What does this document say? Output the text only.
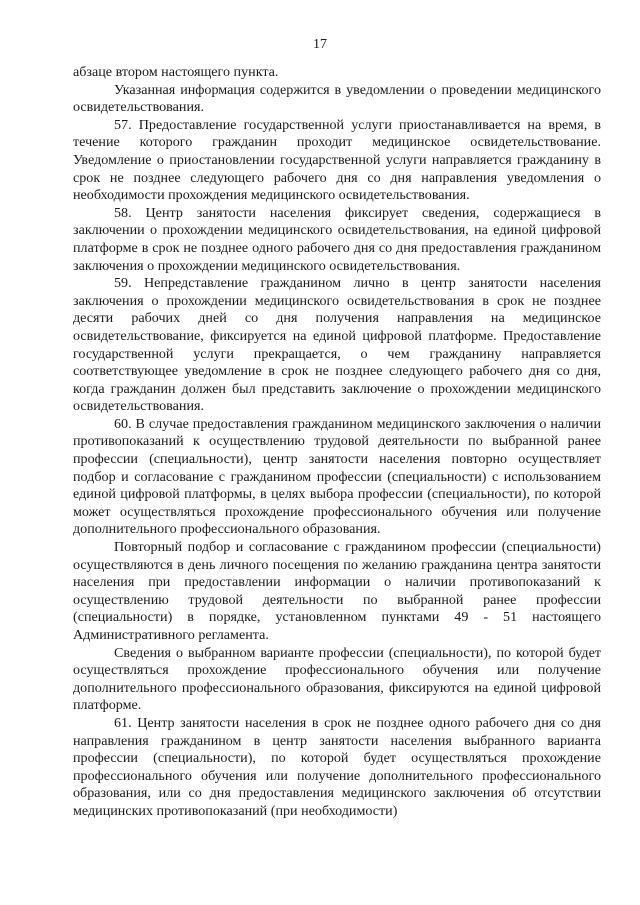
17

абзаце втором настоящего пункта.

Указанная информация содержится в уведомлении о проведении медицинского освидетельствования.

57. Предоставление государственной услуги приостанавливается на время, в течение которого гражданин проходит медицинское освидетельствование. Уведомление о приостановлении государственной услуги направляется гражданину в срок не позднее следующего рабочего дня со дня направления уведомления о необходимости прохождения медицинского освидетельствования.

58. Центр занятости населения фиксирует сведения, содержащиеся в заключении о прохождении медицинского освидетельствования, на единой цифровой платформе в срок не позднее одного рабочего дня со дня предоставления гражданином заключения о прохождении медицинского освидетельствования.

59. Непредставление гражданином лично в центр занятости населения заключения о прохождении медицинского освидетельствования в срок не позднее десяти рабочих дней со дня получения направления на медицинское освидетельствование, фиксируется на единой цифровой платформе. Предоставление государственной услуги прекращается, о чем гражданину направляется соответствующее уведомление в срок не позднее следующего рабочего дня со дня, когда гражданин должен был представить заключение о прохождении медицинского освидетельствования.

60. В случае предоставления гражданином медицинского заключения о наличии противопоказаний к осуществлению трудовой деятельности по выбранной ранее профессии (специальности), центр занятости населения повторно осуществляет подбор и согласование с гражданином профессии (специальности) с использованием единой цифровой платформы, в целях выбора профессии (специальности), по которой может осуществляться прохождение профессионального обучения или получение дополнительного профессионального образования.

Повторный подбор и согласование с гражданином профессии (специальности) осуществляются в день личного посещения по желанию гражданина центра занятости населения при предоставлении информации о наличии противопоказаний к осуществлению трудовой деятельности по выбранной ранее профессии (специальности) в порядке, установленном пунктами 49 - 51 настоящего Административного регламента.

Сведения о выбранном варианте профессии (специальности), по которой будет осуществляться прохождение профессионального обучения или получение дополнительного профессионального образования, фиксируются на единой цифровой платформе.

61. Центр занятости населения в срок не позднее одного рабочего дня со дня направления гражданином в центр занятости населения выбранного варианта профессии (специальности), по которой будет осуществляться прохождение профессионального обучения или получение дополнительного профессионального образования, или со дня предоставления медицинского заключения об отсутствии медицинских противопоказаний (при необходимости)
